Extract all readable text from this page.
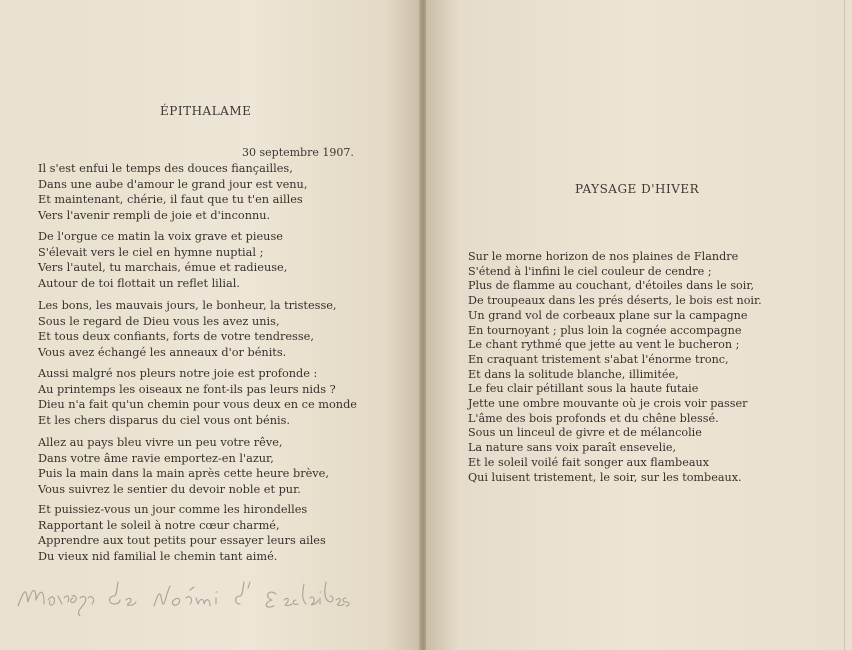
ÉPITHALAME
30 septembre 1907.
Il s'est enfui le temps des douces fiançailles,
Dans une aube d'amour le grand jour est venu,
Et maintenant, chérie, il faut que tu t'en ailles
Vers l'avenir rempli de joie et d'inconnu.
De l'orgue ce matin la voix grave et pieuse
S'élevait vers le ciel en hymne nuptial ;
Vers l'autel, tu marchais, émue et radieuse,
Autour de toi flottait un reflet lilial.
Les bons, les mauvais jours, le bonheur, la tristesse,
Sous le regard de Dieu vous les avez unis,
Et tous deux confiants, forts de votre tendresse,
Vous avez échangé les anneaux d'or bénits.
Aussi malgré nos pleurs notre joie est profonde :
Au printemps les oiseaux ne font-ils pas leurs nids ?
Dieu n'a fait qu'un chemin pour vous deux en ce monde
Et les chers disparus du ciel vous ont bénis.
Allez au pays bleu vivre un peu votre rêve,
Dans votre âme ravie emportez-en l'azur,
Puis la main dans la main après cette heure brève,
Vous suivrez le sentier du devoir noble et pur.
Et puissiez-vous un jour comme les hirondelles
Rapportant le soleil à notre cœur charmé,
Apprendre aux tout petits pour essayer leurs ailes
Du vieux nid familial le chemin tant aimé.
PAYSAGE D'HIVER
Sur le morne horizon de nos plaines de Flandre
S'étend à l'infini le ciel couleur de cendre ;
Plus de flamme au couchant, d'étoiles dans le soir,
De troupeaux dans les prés déserts, le bois est noir.
Un grand vol de corbeaux plane sur la campagne
En tournoyant ; plus loin la cognée accompagne
Le chant rythmé que jette au vent le bucheron ;
En craquant tristement s'abat l'énorme tronc,
Et dans la solitude blanche, illimitée,
Le feu clair pétillant sous la haute futaie
Jette une ombre mouvante où je crois voir passer
L'âme des bois profonds et du chêne blessé.
Sous un linceul de givre et de mélancolie
La nature sans voix paraît ensevelie,
Et le soleil voilé fait songer aux flambeaux
Qui luisent tristement, le soir, sur les tombeaux.
